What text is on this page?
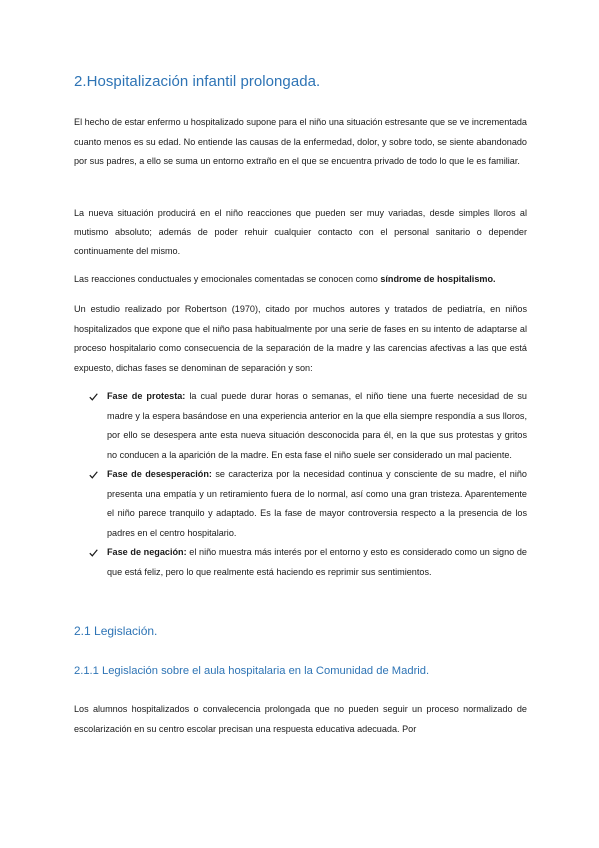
2.Hospitalización infantil prolongada.

El hecho de estar enfermo u hospitalizado supone para el niño una situación estresante que se ve incrementada cuanto menos es su edad. No entiende las causas de la enfermedad, dolor, y sobre todo, se siente abandonado por sus padres, a ello se suma un entorno extraño en el que se encuentra privado de todo lo que le es familiar.

La nueva situación producirá en el niño reacciones que pueden ser muy variadas, desde simples lloros al mutismo absoluto; además de poder rehuir cualquier contacto con el personal sanitario o depender continuamente del mismo.

Las reacciones conductuales y emocionales comentadas se conocen como síndrome de hospitalismo.

Un estudio realizado por Robertson (1970), citado por muchos autores y tratados de pediatría, en niños hospitalizados que expone que el niño pasa habitualmente por una serie de fases en su intento de adaptarse al proceso hospitalario como consecuencia de la separación de la madre y las carencias afectivas a las que está expuesto, dichas fases se denominan de separación y son:

Fase de protesta: la cual puede durar horas o semanas, el niño tiene una fuerte necesidad de su madre y la espera basándose en una experiencia anterior en la que ella siempre respondía a sus lloros, por ello se desespera ante esta nueva situación desconocida para él, en la que sus protestas y gritos no conducen a la aparición de la madre. En esta fase el niño suele ser considerado un mal paciente.
Fase de desesperación: se caracteriza por la necesidad continua y consciente de su madre, el niño presenta una empatía y un retiramiento fuera de lo normal, así como una gran tristeza. Aparentemente el niño parece tranquilo y adaptado. Es la fase de mayor controversia respecto a la presencia de los padres en el centro hospitalario.
Fase de negación: el niño muestra más interés por el entorno y esto es considerado como un signo de que está feliz, pero lo que realmente está haciendo es reprimir sus sentimientos.
2.1 Legislación.
2.1.1 Legislación sobre el aula hospitalaria en la Comunidad de Madrid.

Los alumnos hospitalizados o convalecencia prolongada que no pueden seguir un proceso normalizado de escolarización en su centro escolar precisan una respuesta educativa adecuada. Por
